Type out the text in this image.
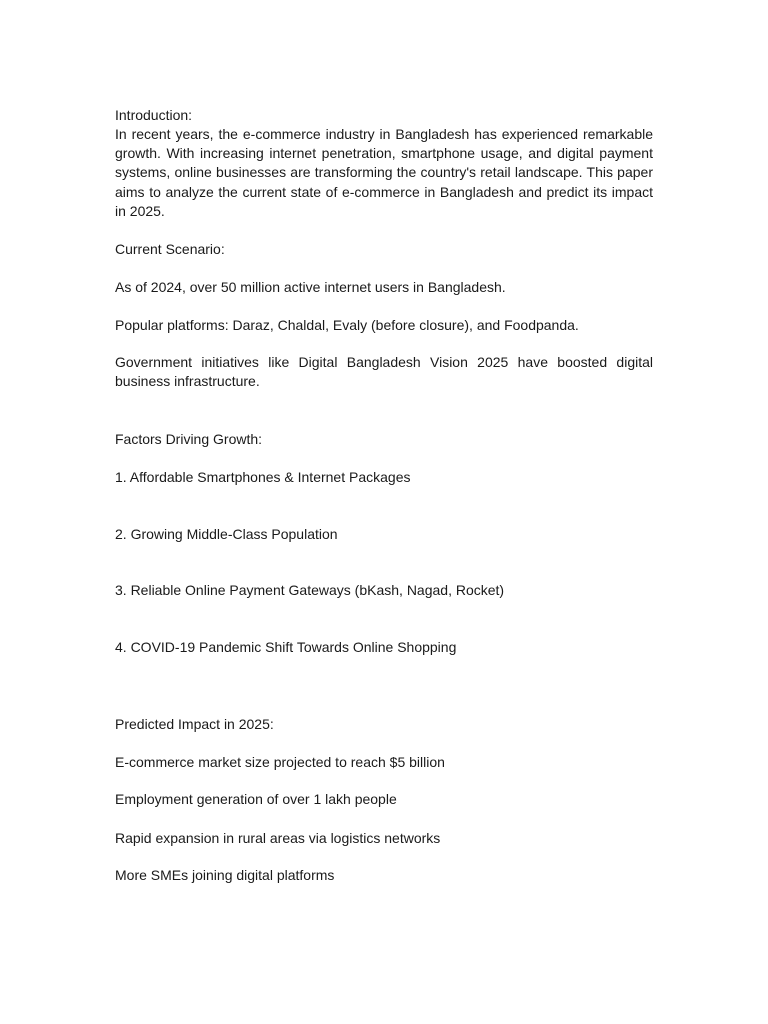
Introduction:

In recent years, the e-commerce industry in Bangladesh has experienced remarkable growth. With increasing internet penetration, smartphone usage, and digital payment systems, online businesses are transforming the country's retail landscape. This paper aims to analyze the current state of e-commerce in Bangladesh and predict its impact in 2025.

Current Scenario:

As of 2024, over 50 million active internet users in Bangladesh.

Popular platforms: Daraz, Chaldal, Evaly (before closure), and Foodpanda.

Government initiatives like Digital Bangladesh Vision 2025 have boosted digital business infrastructure.

Factors Driving Growth:

1. Affordable Smartphones & Internet Packages

2. Growing Middle-Class Population

3. Reliable Online Payment Gateways (bKash, Nagad, Rocket)

4. COVID-19 Pandemic Shift Towards Online Shopping

Predicted Impact in 2025:

E-commerce market size projected to reach $5 billion

Employment generation of over 1 lakh people

Rapid expansion in rural areas via logistics networks

More SMEs joining digital platforms
